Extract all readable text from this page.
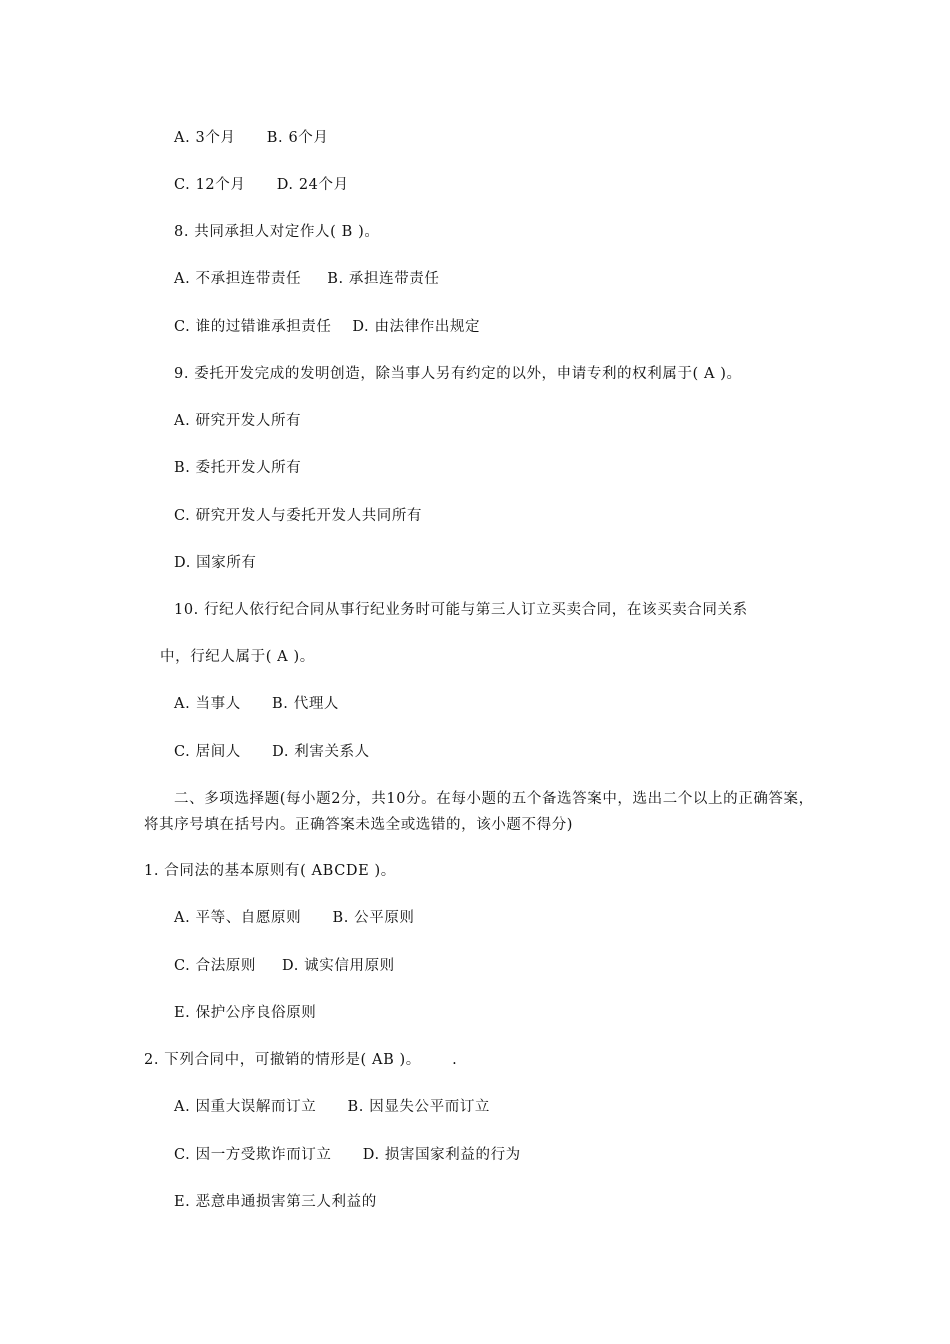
A. 3个月      B. 6个月
C. 12个月      D. 24个月
8. 共同承担人对定作人( B )。
A. 不承担连带责任     B. 承担连带责任
C. 谁的过错谁承担责任    D. 由法律作出规定
9. 委托开发完成的发明创造，除当事人另有约定的以外，申请专利的权利属于( A )。
A. 研究开发人所有
B. 委托开发人所有
C. 研究开发人与委托开发人共同所有
D. 国家所有
10. 行纪人依行纪合同从事行纪业务时可能与第三人订立买卖合同，在该买卖合同关系
中，行纪人属于( A )。
A. 当事人      B. 代理人
C. 居间人      D. 利害关系人
二、多项选择题(每小题2分，共10分。在每小题的五个备选答案中，选出二个以上的正确答案，
将其序号填在括号内。正确答案未选全或选错的，该小题不得分)
1. 合同法的基本原则有( ABCDE )。
A. 平等、自愿原则      B. 公平原则
C. 合法原则     D. 诚实信用原则
E. 保护公序良俗原则
2. 下列合同中，可撤销的情形是( AB )。      .
A. 因重大误解而订立      B. 因显失公平而订立
C. 因一方受欺诈而订立      D. 损害国家利益的行为
E. 恶意串通损害第三人利益的
